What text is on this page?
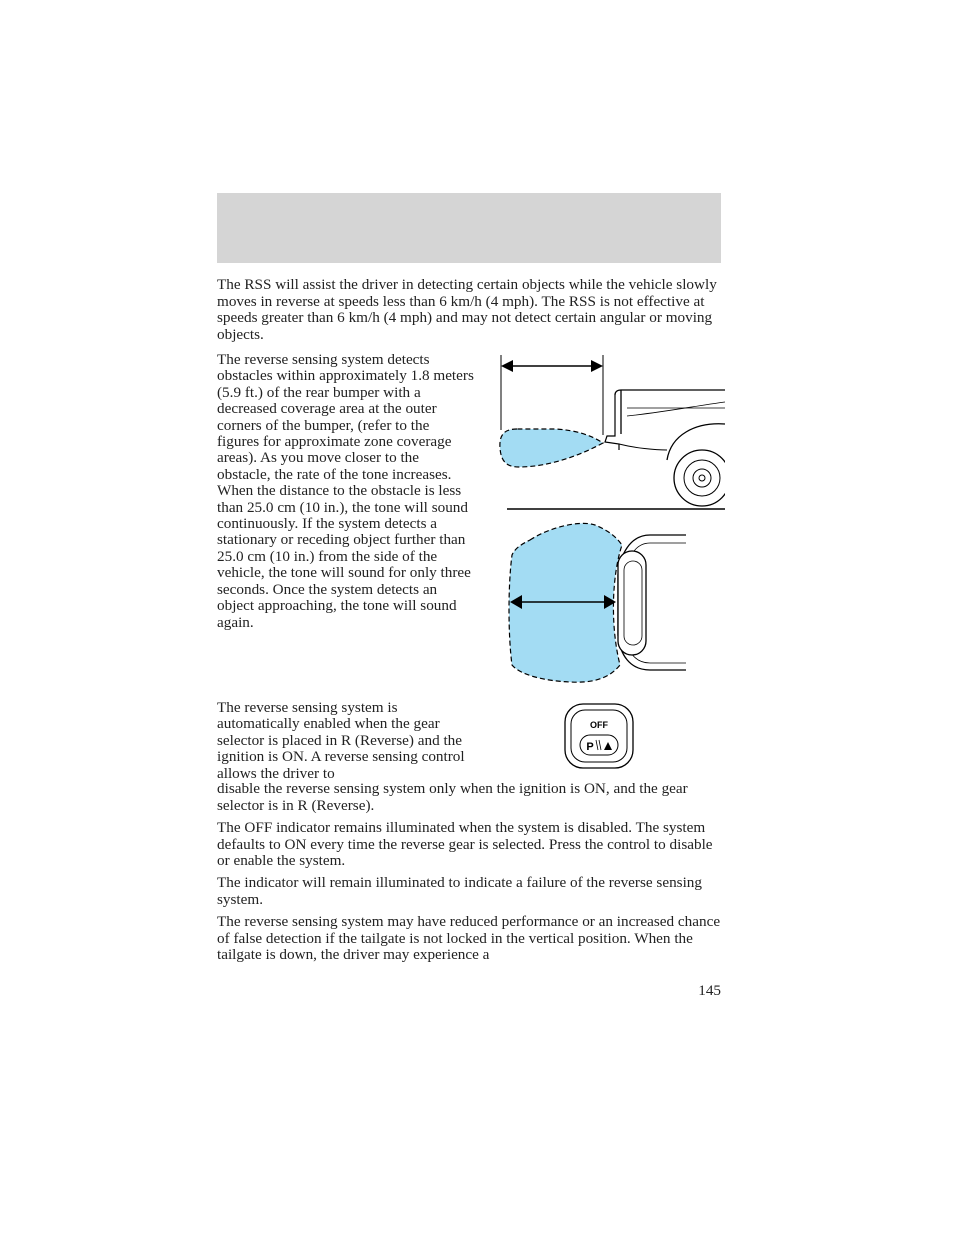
The RSS will assist the driver in detecting certain objects while the vehicle slowly moves in reverse at speeds less than 6 km/h (4 mph). The RSS is not effective at speeds greater than 6 km/h (4 mph) and may not detect certain angular or moving objects.

The reverse sensing system detects obstacles within approximately 1.8 meters (5.9 ft.) of the rear bumper with a decreased coverage area at the outer corners of the bumper, (refer to the figures for approximate zone coverage areas). As you move closer to the obstacle, the rate of the tone increases. When the distance to the obstacle is less than 25.0 cm (10 in.), the tone will sound continuously. If the system detects a stationary or receding object further than 25.0 cm (10 in.) from the side of the vehicle, the tone will sound for only three seconds. Once the system detects an object approaching, the tone will sound again.

The reverse sensing system is automatically enabled when the gear selector is placed in R (Reverse) and the ignition is ON. A reverse sensing control allows the driver to

OFF
P

disable the reverse sensing system only when the ignition is ON, and the gear selector is in R (Reverse).

The OFF indicator remains illuminated when the system is disabled. The system defaults to ON every time the reverse gear is selected. Press the control to disable or enable the system.

The indicator will remain illuminated to indicate a failure of the reverse sensing system.

The reverse sensing system may have reduced performance or an increased chance of false detection if the tailgate is not locked in the vertical position. When the tailgate is down, the driver may experience a

145
